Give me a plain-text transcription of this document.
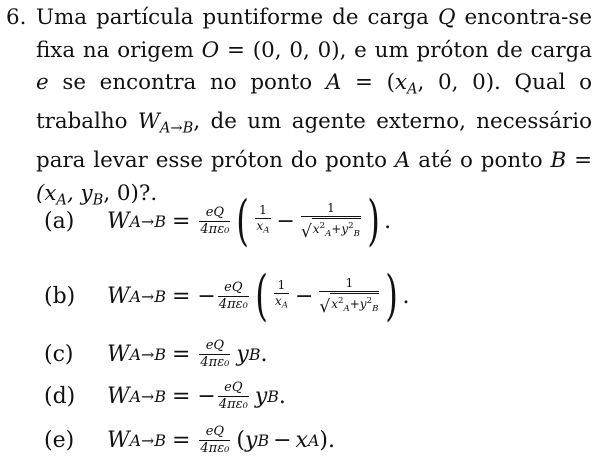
6. Uma partícula puntiforme de carga Q encontra-se fixa na origem O = (0, 0, 0), e um próton de carga e se encontra no ponto $A = (x_A$, 0, 0). Qual o trabalho $W_{A\to B}$, de um agente externo, necessário para levar esse próton do ponto A até o ponto $B = (x_A$, $y_B$, 0)?.
(a)	W $A\to B = \frac{eQ}{\text{4πε₀}}$ ( $\frac{1}{x_A} - \frac{1}{√ x^2_A+y^2_B}$ ) .
(b)	W A→B = − $\frac{eQ}{\text{4πε₀}}$ ( $\frac{1}{x_A} - \frac{1}{√ x^2_A+y^2_B}$ ) .
(c)	W $A\to B = \frac{eQ}{\text{4πε₀}}$ y B .
(d)	W A→B = − $\frac{eQ}{\text{4πε₀}}$ y B .
(e)	W $A\to B = \frac{eQ}{\text{4πε₀}}$ ( y B − x A ) .
